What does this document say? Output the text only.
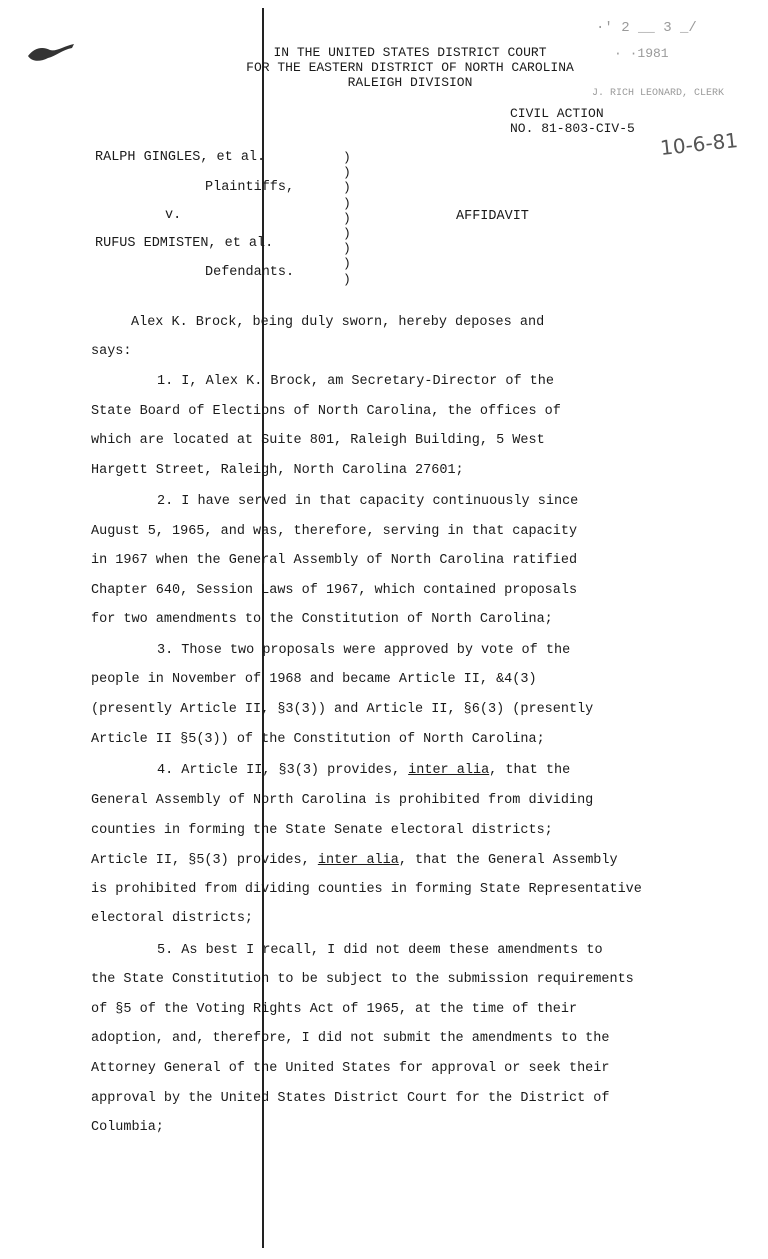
IN THE UNITED STATES DISTRICT COURT
FOR THE EASTERN DISTRICT OF NORTH CAROLINA
RALEIGH DIVISION
·' 2 __ 3 _/
· ·1981
J. RICH LEONARD, CLERK
CIVIL ACTION
NO. 81-803-CIV-5 10-6-81
RALPH GINGLES, et al.
Plaintiffs,
v.
RUFUS EDMISTEN, et al.
Defendants.
)
)
)
)
)
)
)
)
)
AFFIDAVIT
Alex K. Brock, being duly sworn, hereby deposes and
says:
1. I, Alex K. Brock, am Secretary-Director of the
State Board of Elections of North Carolina, the offices of
which are located at Suite 801, Raleigh Building, 5 West
Hargett Street, Raleigh, North Carolina 27601;
2. I have served in that capacity continuously since
August 5, 1965, and was, therefore, serving in that capacity
in 1967 when the General Assembly of North Carolina ratified
Chapter 640, Session Laws of 1967, which contained proposals
for two amendments to the Constitution of North Carolina;
3. Those two proposals were approved by vote of the
people in November of 1968 and became Article II, &4(3)
(presently Article II, §3(3)) and Article II, §6(3) (presently
Article II §5(3)) of the Constitution of North Carolina;
4. Article II, §3(3) provides, inter alia, that the
General Assembly of North Carolina is prohibited from dividing
counties in forming the State Senate electoral districts;
Article II, §5(3) provides, inter alia, that the General Assembly
is prohibited from dividing counties in forming State Representative
electoral districts;
5. As best I recall, I did not deem these amendments to
the State Constitution to be subject to the submission requirements
of §5 of the Voting Rights Act of 1965, at the time of their
adoption, and, therefore, I did not submit the amendments to the
Attorney General of the United States for approval or seek their
approval by the United States District Court for the District of
Columbia;
